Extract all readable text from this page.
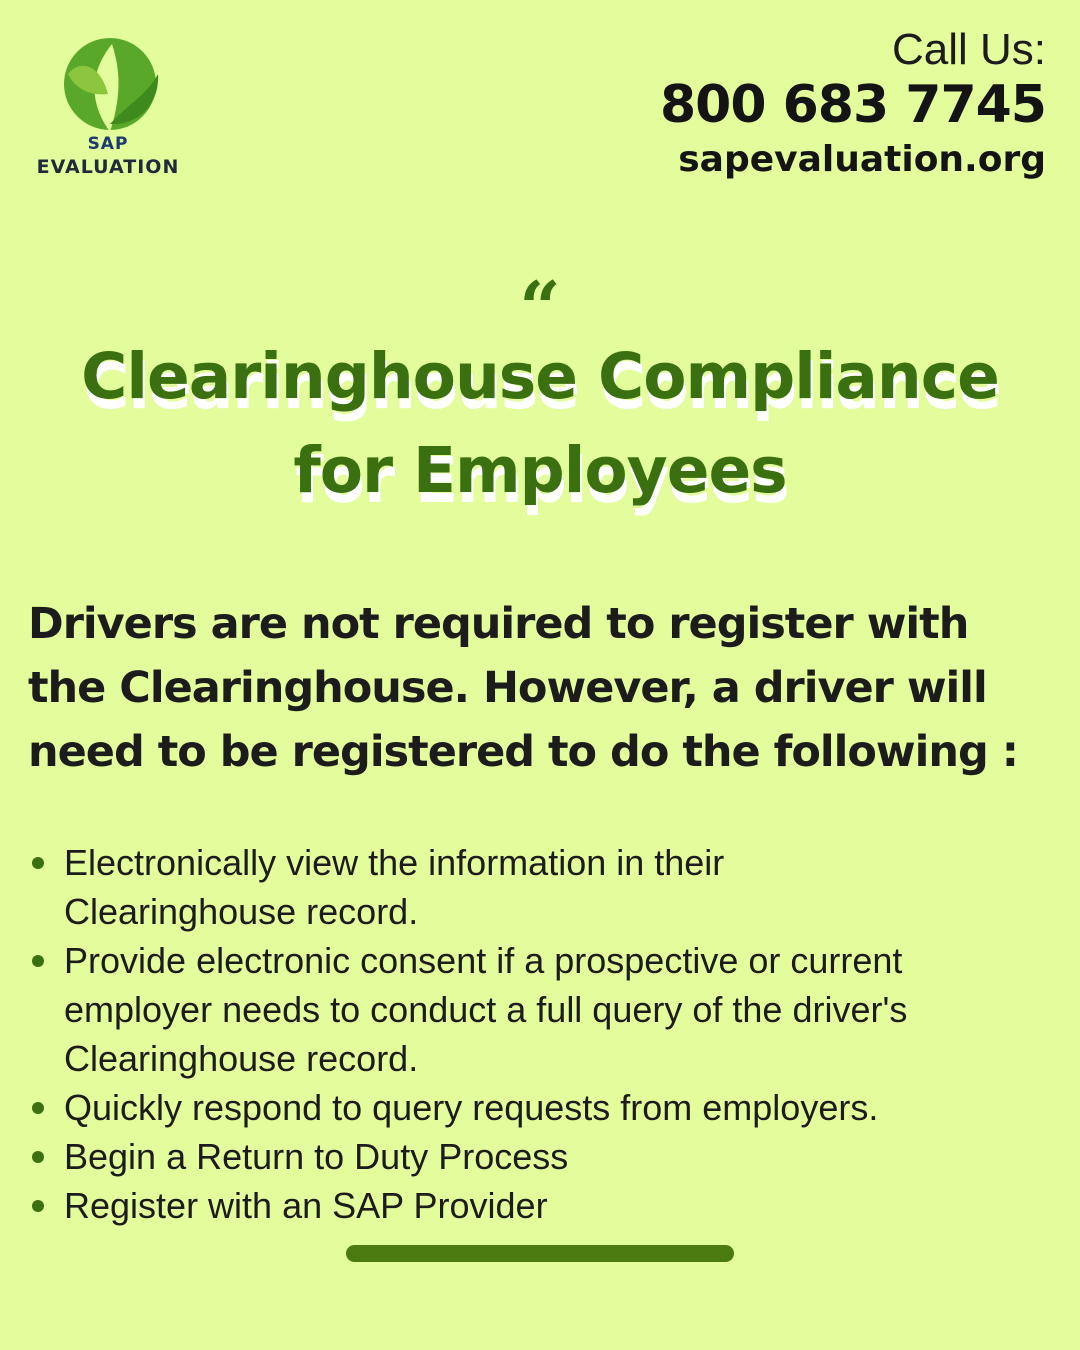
SAP
EVALUATION
Call Us:
800 683 7745
sapevaluation.org
“
Clearinghouse Compliance
for Employees
Drivers are not required to register with
the Clearinghouse. However, a driver will
need to be registered to do the following :
Electronically view the information in their
Clearinghouse record.
Provide electronic consent if a prospective or current
employer needs to conduct a full query of the driver's
Clearinghouse record.
Quickly respond to query requests from employers.
Begin a Return to Duty Process
Register with an SAP Provider
